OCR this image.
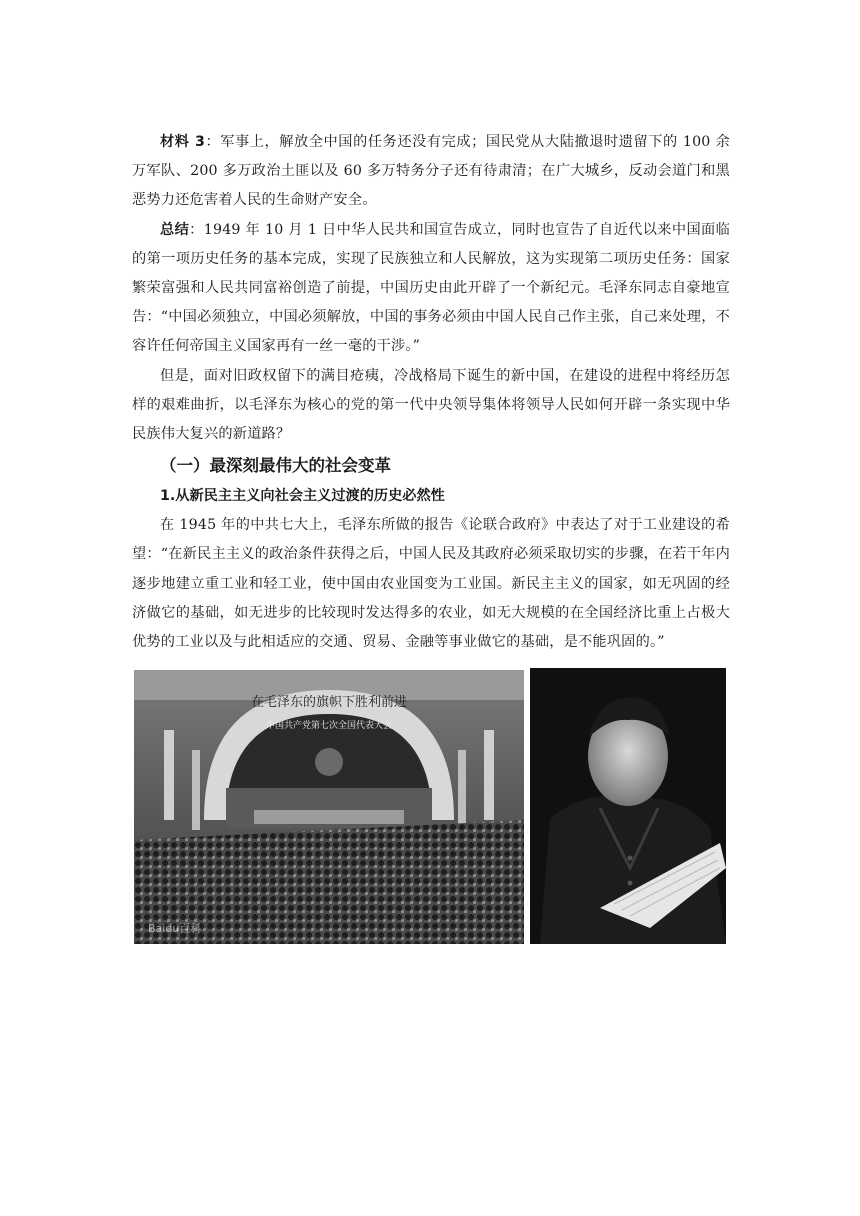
材料 3：军事上，解放全中国的任务还没有完成；国民党从大陆撤退时遗留下的 100 余万军队、200 多万政治土匪以及 60 多万特务分子还有待肃清；在广大城乡，反动会道门和黑恶势力还危害着人民的生命财产安全。

总结：1949 年 10 月 1 日中华人民共和国宣告成立，同时也宣告了自近代以来中国面临的第一项历史任务的基本完成，实现了民族独立和人民解放，这为实现第二项历史任务：国家繁荣富强和人民共同富裕创造了前提，中国历史由此开辟了一个新纪元。毛泽东同志自豪地宣告：“中国必须独立，中国必须解放，中国的事务必须由中国人民自己作主张，自己来处理，不容许任何帝国主义国家再有一丝一毫的干涉。”

但是，面对旧政权留下的满目疮痍，冷战格局下诞生的新中国，在建设的进程中将经历怎样的艰难曲折，以毛泽东为核心的党的第一代中央领导集体将领导人民如何开辟一条实现中华民族伟大复兴的新道路？

（一）最深刻最伟大的社会变革
1.从新民主主义向社会主义过渡的历史必然性

在 1945 年的中共七大上，毛泽东所做的报告《论联合政府》中表达了对于工业建设的希望：“在新民主主义的政治条件获得之后，中国人民及其政府必须采取切实的步骤，在若干年内逐步地建立重工业和轻工业，使中国由农业国变为工业国。新民主主义的国家，如无巩固的经济做它的基础，如无进步的比较现时发达得多的农业，如无大规模的在全国经济比重上占极大优势的工业以及与此相适应的交通、贸易、金融等事业做它的基础，是不能巩固的。”

在毛泽东的旗帜下胜利前进
中国共产党第七次全国代表大会
Baidu百科
